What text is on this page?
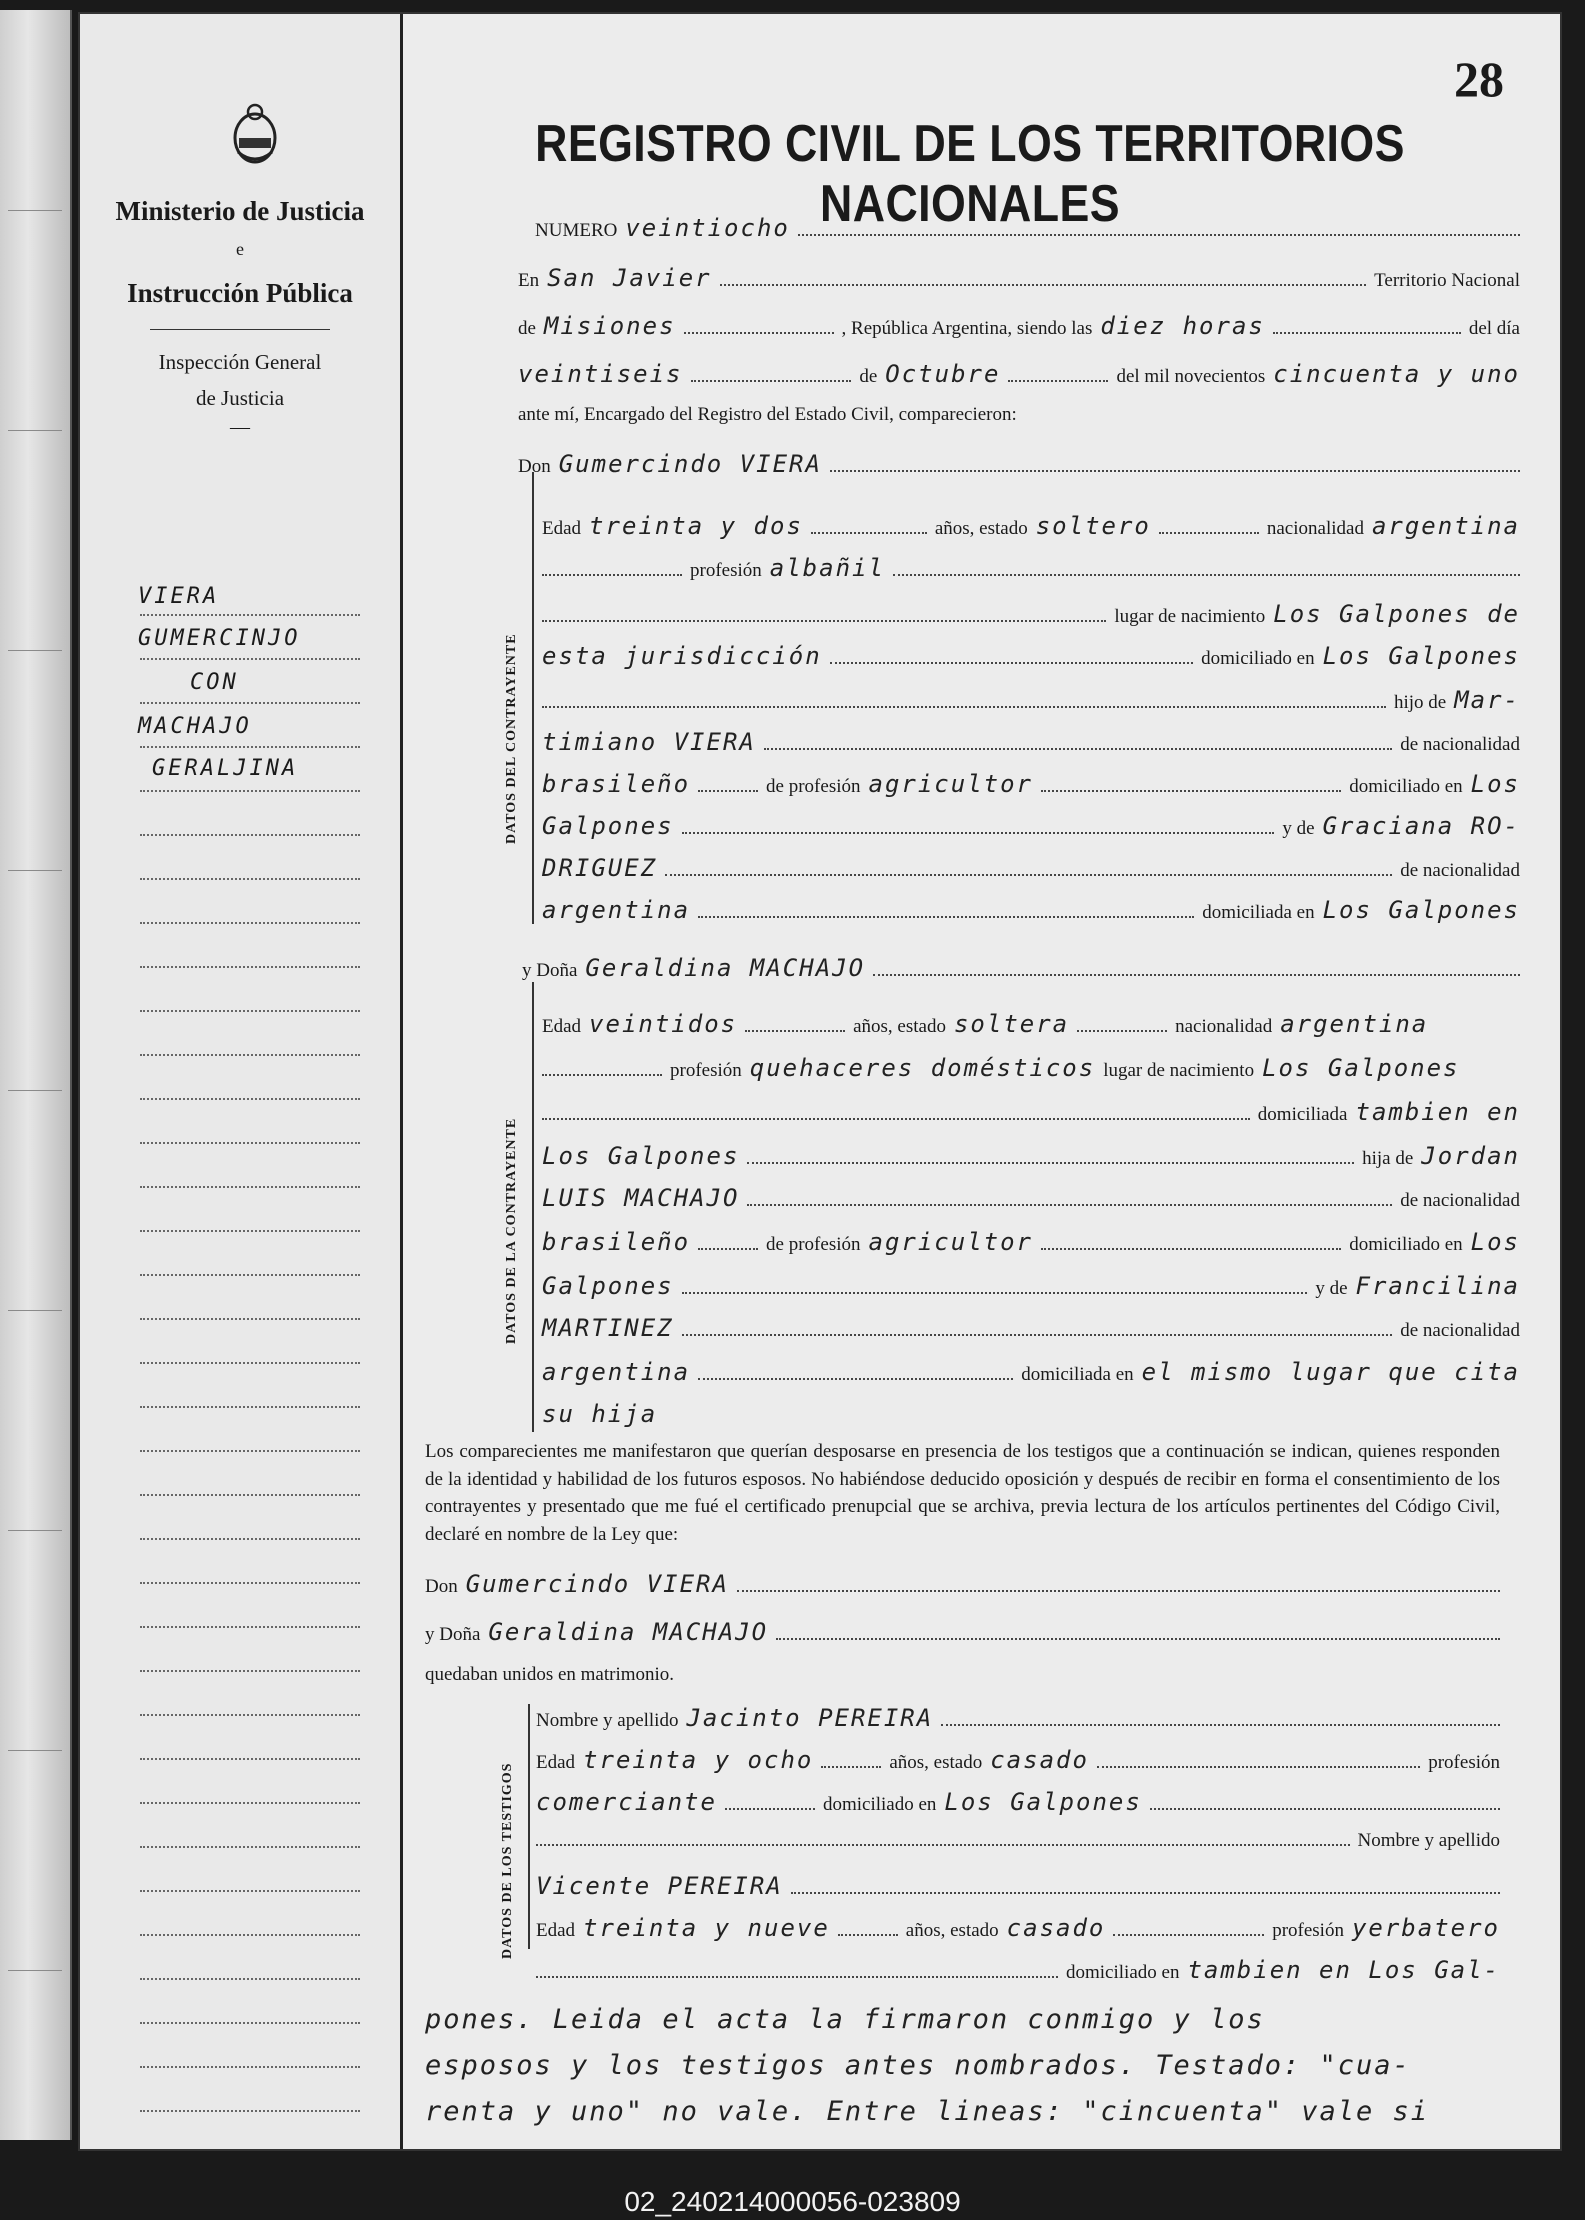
Ministerio de Justicia
e
Instrucción Pública
Inspección General
de Justicia
—
VIERA
GUMERCINJO
CON
MACHAJO
GERALJINA
28
REGISTRO CIVIL DE LOS TERRITORIOS NACIONALES
NUMERO veintiocho
En San Javier	Territorio Nacional
de Misiones	, República Argentina, siendo las diez horas	del día
veintiseis	de Octubre	del mil novecientos cincuenta y uno
ante mí, Encargado del Registro del Estado Civil, comparecieron:
Don Gumercindo VIERA
DATOS DEL CONTRAYENTE
Edad treinta y dos	años, estado soltero	nacionalidad argentina
profesión albañil
lugar de nacimiento Los Galpones de
esta jurisdicción	domiciliado en Los Galpones
hijo de Mar-
timiano VIERA	de nacionalidad
brasileño	de profesión agricultor	domiciliado en Los
Galpones	y de Graciana RO-
DRIGUEZ	de nacionalidad
argentina	domiciliada en Los Galpones
y Doña Geraldina MACHAJO
DATOS DE LA CONTRAYENTE
Edad veintidos	años, estado soltera	nacionalidad argentina
profesión quehaceres domésticos lugar de nacimiento Los Galpones
domiciliada tambien en
Los Galpones	hija de Jordan
LUIS MACHAJO	de nacionalidad
brasileño	de profesión agricultor	domiciliado en Los
Galpones	y de Francilina
MARTINEZ	de nacionalidad
argentina	domiciliada en el mismo lugar que cita
su hija
Los comparecientes me manifestaron que querían desposarse en presencia de los testigos que a continuación se indican, quienes responden de la identidad y habilidad de los futuros esposos. No habiéndose deducido oposición y después de recibir en forma el consentimiento de los contrayentes y presentado que me fué el certificado prenupcial que se archiva, previa lectura de los artículos pertinentes del Código Civil, declaré en nombre de la Ley que:
Don Gumercindo VIERA
y Doña Geraldina MACHAJO
quedaban unidos en matrimonio.
DATOS DE LOS TESTIGOS
Nombre y apellido Jacinto PEREIRA
Edad treinta y ocho	años, estado casado	profesión
comerciante	domiciliado en Los Galpones
Nombre y apellido
Vicente PEREIRA
Edad treinta y nueve	años, estado casado	profesión yerbatero
domiciliado en tambien en Los Gal-
pones. Leida el acta la firmaron conmigo y los
esposos y los testigos antes nombrados. Testado: "cua-
renta y uno" no vale. Entre lineas: "cincuenta" vale si
02_240214000056-023809
